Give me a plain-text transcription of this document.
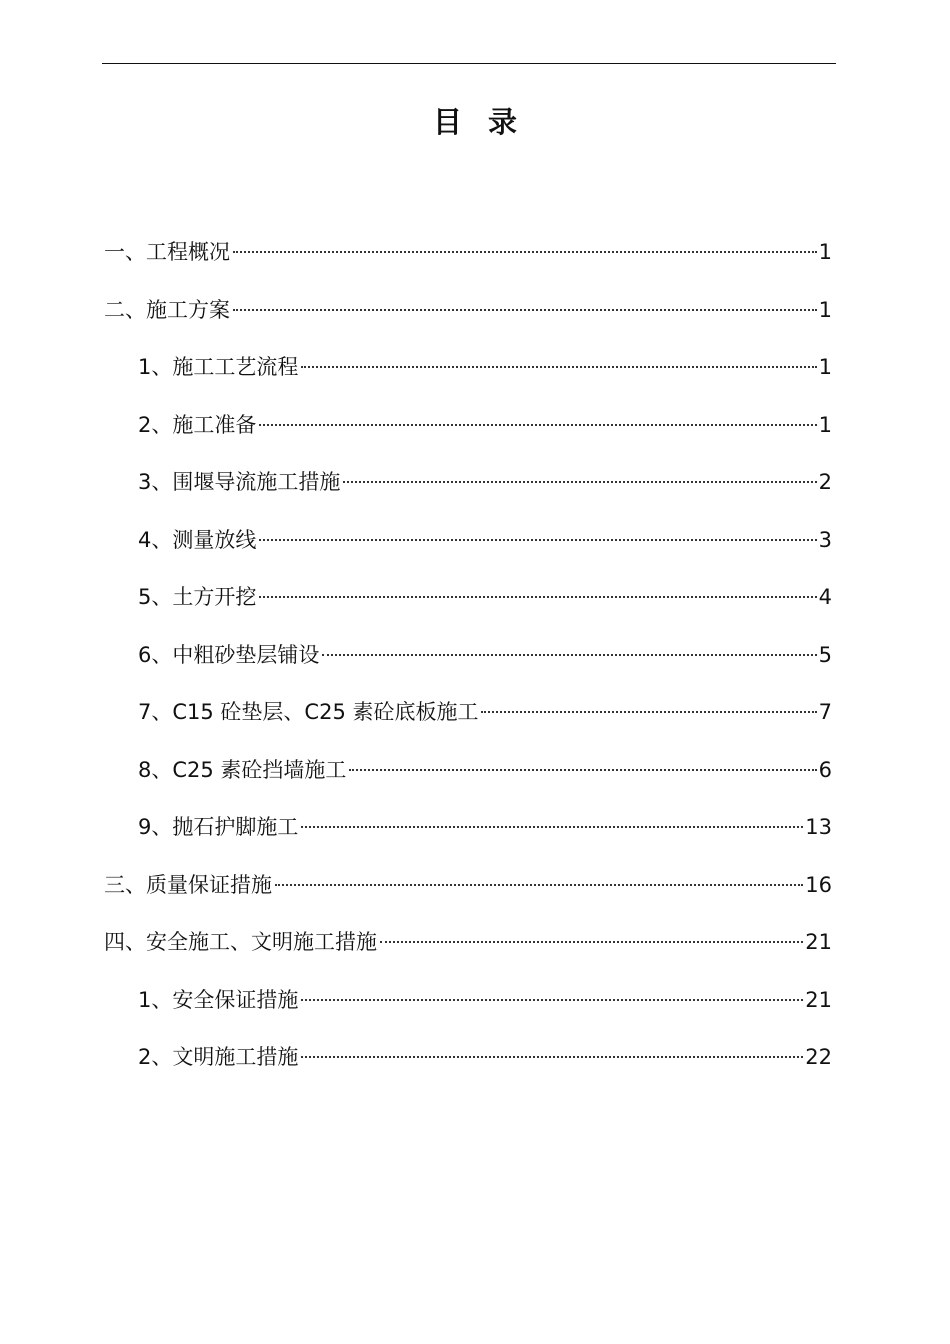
目 录
一、工程概况	1
二、施工方案	1
1、施工工艺流程	1
2、施工准备	1
3、围堰导流施工措施	2
4、测量放线	3
5、土方开挖	4
6、中粗砂垫层铺设	5
7、C15 砼垫层、C25 素砼底板施工	7
8、C25 素砼挡墙施工	6
9、抛石护脚施工	13
三、质量保证措施	16
四、安全施工、文明施工措施	21
1、安全保证措施	21
2、文明施工措施	22
